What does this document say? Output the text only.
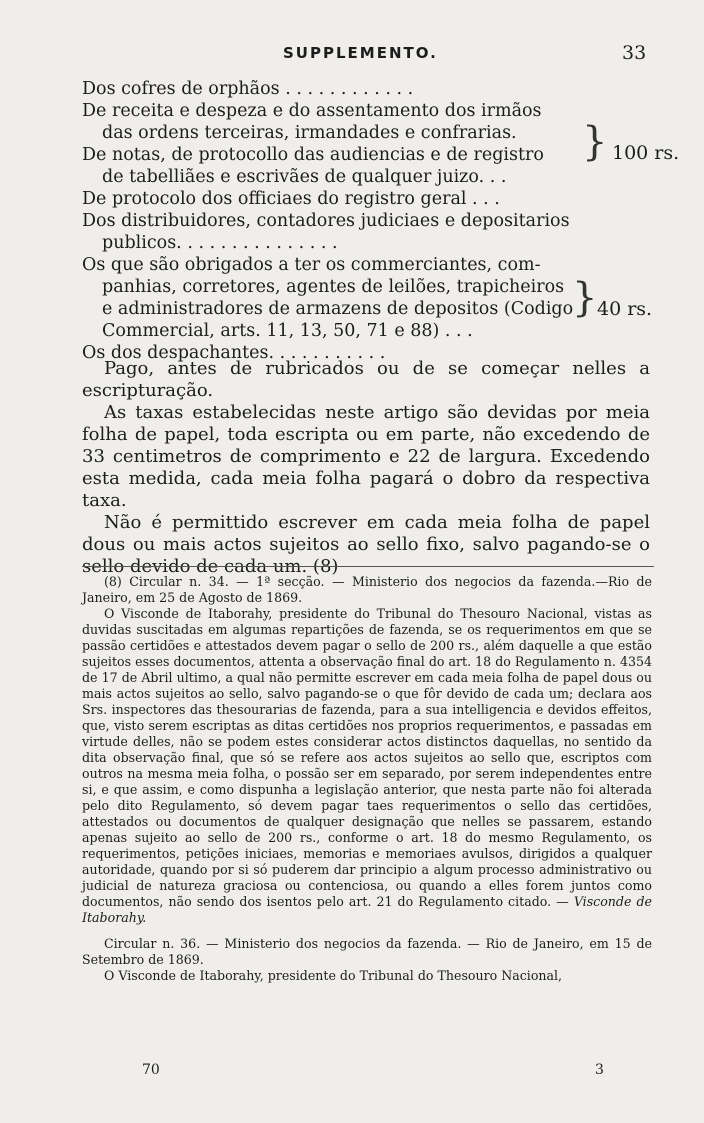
SUPPLEMENTO.	33
Dos cofres de orphãos . . . . . . . . . . . .
De receita e despeza e do assentamento dos irmãos
das ordens terceiras, irmandades e confrarias.
De notas, de protocollo das audiencias e de registro
de tabelliães e escrivães de qualquer juizo. . .
De protocolo dos officiaes do registro geral . . .
Dos distribuidores, contadores judiciaes e depositarios
publicos. . . . . . . . . . . . . . .
Os que são obrigados a ter os commerciantes, com-
panhias, corretores, agentes de leilões, trapicheiros
e administradores de armazens de depositos (Codigo
Commercial, arts. 11, 13, 50, 71 e 88) . . .
Os dos despachantes. . . . . . . . . . .
} 100 rs.
} 40 rs.

Pago, antes de rubricados ou de se começar nelles a escripturação.

As taxas estabelecidas neste artigo são devidas por meia folha de papel, toda escripta ou em parte, não excedendo de 33 centimetros de comprimento e 22 de largura. Excedendo esta medida, cada meia folha pagará o dobro da respectiva taxa.

Não é permittido escrever em cada meia folha de papel dous ou mais actos sujeitos ao sello fixo, salvo pagando-se o sello devido de cada um. (8)

(8) Circular n. 34. — 1ª secção. — Ministerio dos negocios da fazenda.—Rio de Janeiro, em 25 de Agosto de 1869.

O Visconde de Itaborahy, presidente do Tribunal do Thesouro Nacional, vistas as duvidas suscitadas em algumas repartições de fazenda, se os requerimentos em que se passão certidões e attestados devem pagar o sello de 200 rs., além daquelle a que estão sujeitos esses documentos, attenta a observação final do art. 18 do Regulamento n. 4354 de 17 de Abril ultimo, a qual não permitte escrever em cada meia folha de papel dous ou mais actos sujeitos ao sello, salvo pagando-se o que fôr devido de cada um; declara aos Srs. inspectores das thesourarias de fazenda, para a sua intelligencia e devidos effeitos, que, visto serem escriptas as ditas certidões nos proprios requerimentos, e passadas em virtude delles, não se podem estes considerar actos distinctos daquellas, no sentido da dita observação final, que só se refere aos actos sujeitos ao sello que, escriptos com outros na mesma meia folha, o possão ser em separado, por serem independentes entre si, e que assim, e como dispunha a legislação anterior, que nesta parte não foi alterada pelo dito Regulamento, só devem pagar taes requerimentos o sello das certidões, attestados ou documentos de qualquer designação que nelles se passarem, estando apenas sujeito ao sello de 200 rs., conforme o art. 18 do mesmo Regulamento, os requerimentos, petições iniciaes, memorias e memoriaes avulsos, dirigidos a qualquer autoridade, quando por si só puderem dar principio a algum processo administrativo ou judicial de natureza graciosa ou contenciosa, ou quando a elles forem juntos como documentos, não sendo dos isentos pelo art. 21 do Regulamento citado. — Visconde de Itaborahy.

Circular n. 36. — Ministerio dos negocios da fazenda. — Rio de Janeiro, em 15 de Setembro de 1869.

O Visconde de Itaborahy, presidente do Tribunal do Thesouro Nacional,

70	3
